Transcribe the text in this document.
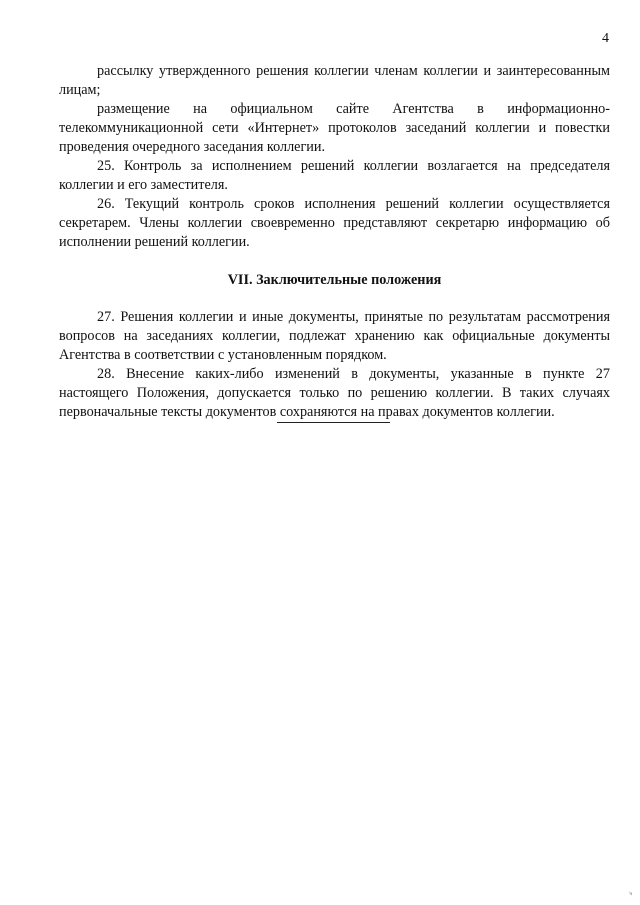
4

рассылку утвержденного решения коллегии членам коллегии и заинтересованным лицам;

размещение на официальном сайте Агентства в информационно-телекоммуникационной сети «Интернет» протоколов заседаний коллегии и повестки проведения очередного заседания коллегии.

25. Контроль за исполнением решений коллегии возлагается на председателя коллегии и его заместителя.

26. Текущий контроль сроков исполнения решений коллегии осуществляется секретарем. Члены коллегии своевременно представляют секретарю информацию об исполнении решений коллегии.

VII. Заключительные положения

27. Решения коллегии и иные документы, принятые по результатам рассмотрения вопросов на заседаниях коллегии, подлежат хранению как официальные документы Агентства в соответствии с установленным порядком.

28. Внесение каких-либо изменений в документы, указанные в пункте 27 настоящего Положения, допускается только по решению коллегии. В таких случаях первоначальные тексты документов сохраняются на правах документов коллегии.

⸗
